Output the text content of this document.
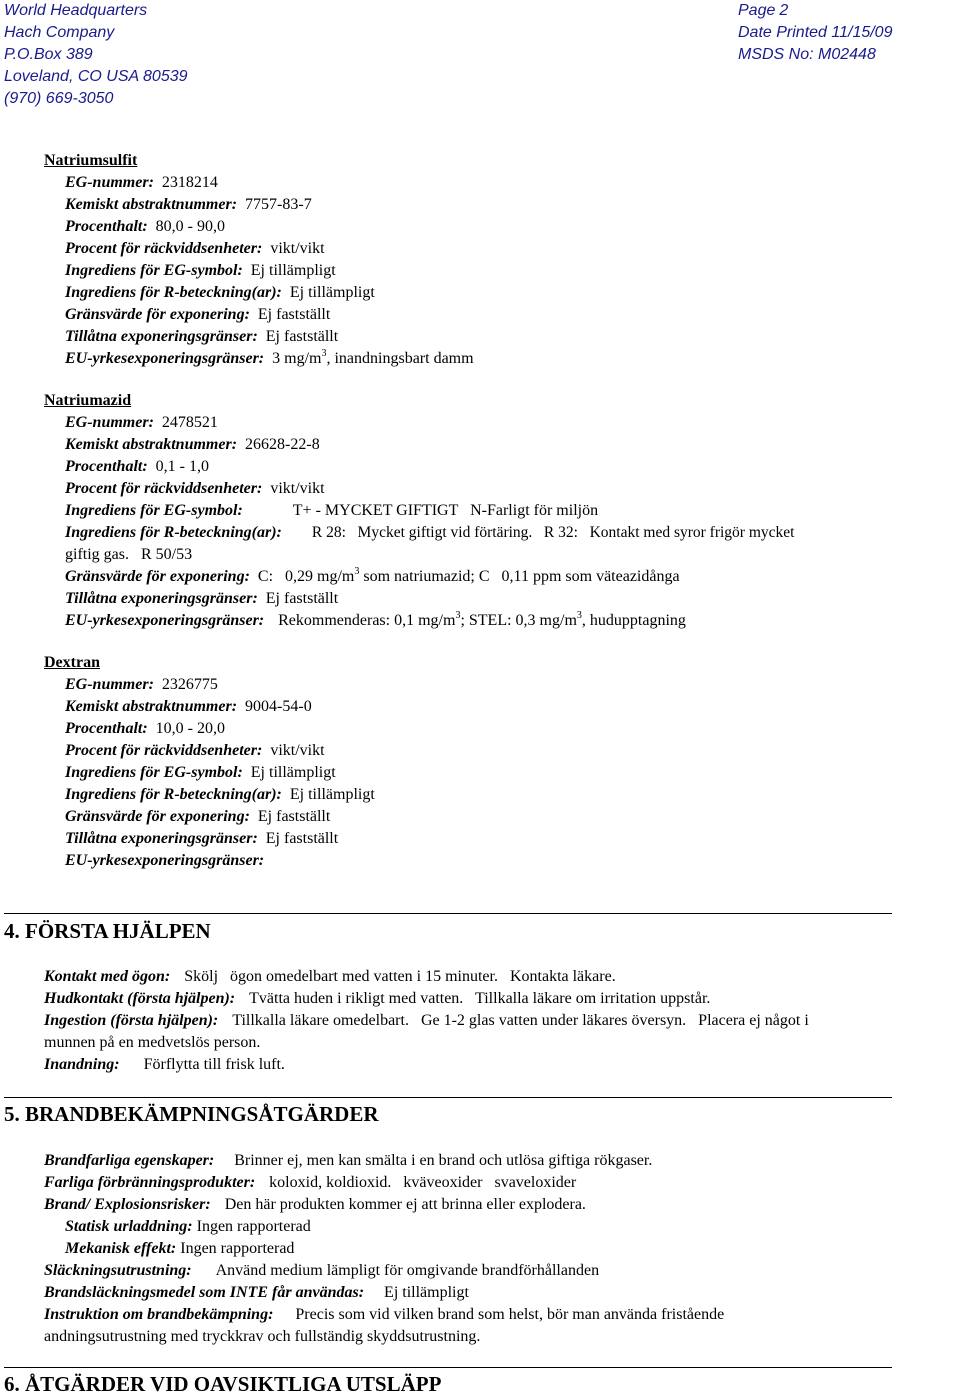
World Headquarters
Hach Company
P.O.Box 389
Loveland, CO USA 80539
(970) 669-3050
Page 2
Date Printed 11/15/09
MSDS No: M02448
Natriumsulfit
EG-nummer: 2318214
Kemiskt abstraktnummer: 7757-83-7
Procenthalt: 80,0 - 90,0
Procent för räckviddsenheter: vikt/vikt
Ingrediens för EG-symbol: Ej tillämpligt
Ingrediens för R-beteckning(ar): Ej tillämpligt
Gränsvärde för exponering: Ej fastställt
Tillåtna exponeringsgränser: Ej fastställt
EU-yrkesexponeringsgränser: 3 $mg/m^3$, inandningsbart damm
Natriumazid
EG-nummer: 2478521
Kemiskt abstraktnummer: 26628-22-8
Procenthalt: 0,1 - 1,0
Procent för räckviddsenheter: vikt/vikt
Ingrediens för EG-symbol:	T+ - MYCKET GIFTIGT   N-Farligt för miljön
Ingrediens för R-beteckning(ar): R 28:   Mycket giftigt vid förtäring.   R 32:   Kontakt med syror frigör mycket
giftig gas.   R 50/53
Gränsvärde för exponering: C:   0,29 $mg/m^3$ som natriumazid; C   0,11 ppm som väteazidånga
Tillåtna exponeringsgränser: Ej fastställt
EU-yrkesexponeringsgränser: Rekommenderas: 0,1 $mg/m^3$; STEL: 0,3 $mg/m^3$, hudupptagning
Dextran
EG-nummer: 2326775
Kemiskt abstraktnummer: 9004-54-0
Procenthalt: 10,0 - 20,0
Procent för räckviddsenheter: vikt/vikt
Ingrediens för EG-symbol: Ej tillämpligt
Ingrediens för R-beteckning(ar): Ej tillämpligt
Gränsvärde för exponering: Ej fastställt
Tillåtna exponeringsgränser: Ej fastställt
EU-yrkesexponeringsgränser:
4. FÖRSTA HJÄLPEN
Kontakt med ögon: Skölj   ögon omedelbart med vatten i 15 minuter.   Kontakta läkare.
Hudkontakt (första hjälpen): Tvätta huden i rikligt med vatten.   Tillkalla läkare om irritation uppstår.
Ingestion (första hjälpen): Tillkalla läkare omedelbart.   Ge 1-2 glas vatten under läkares översyn.   Placera ej något i
munnen på en medvetslös person.
Inandning: Förflytta till frisk luft.
5. BRANDBEKÄMPNINGSÅTGÄRDER
Brandfarliga egenskaper: Brinner ej, men kan smälta i en brand och utlösa giftiga rökgaser.
Farliga förbränningsprodukter: koloxid, koldioxid.   kväveoxider   svaveloxider
Brand/ Explosionsrisker: Den här produkten kommer ej att brinna eller explodera.
Statisk urladdning: Ingen rapporterad
Mekanisk effekt: Ingen rapporterad
Släckningsutrustning: Använd medium lämpligt för omgivande brandförhållanden
Brandsläckningsmedel som INTE får användas: Ej tillämpligt
Instruktion om brandbekämpning: Precis som vid vilken brand som helst, bör man använda fristående
andningsutrustning med tryckkrav och fullständig skyddsutrustning.
6. ÅTGÄRDER VID OAVSIKTLIGA UTSLÄPP
